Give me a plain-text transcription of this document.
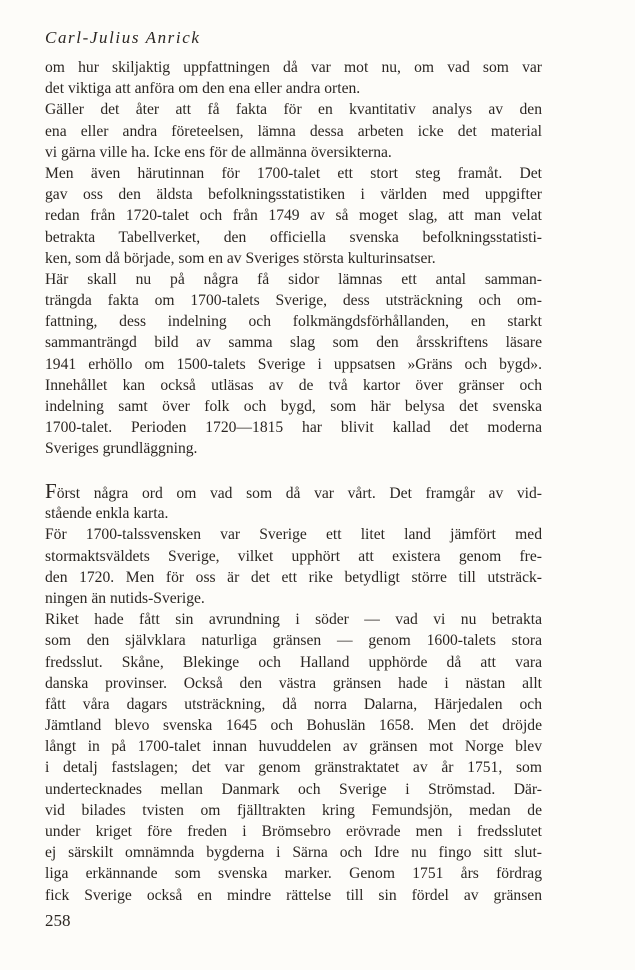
Carl-Julius Anrick
om hur skiljaktig uppfattningen då var mot nu, om vad som var
det viktiga att anföra om den ena eller andra orten.
Gäller det åter att få fakta för en kvantitativ analys av den
ena eller andra företeelsen, lämna dessa arbeten icke det material
vi gärna ville ha. Icke ens för de allmänna översikterna.
Men även härutinnan för 1700-talet ett stort steg framåt. Det
gav oss den äldsta befolkningsstatistiken i världen med uppgifter
redan från 1720-talet och från 1749 av så moget slag, att man velat
betrakta Tabellverket, den officiella svenska befolkningsstatisti-
ken, som då började, som en av Sveriges största kulturinsatser.
Här skall nu på några få sidor lämnas ett antal samman-
trängda fakta om 1700-talets Sverige, dess utsträckning och om-
fattning, dess indelning och folkmängdsförhållanden, en starkt
sammanträngd bild av samma slag som den årsskriftens läsare
1941 erhöllo om 1500-talets Sverige i uppsatsen »Gräns och bygd».
Innehållet kan också utläsas av de två kartor över gränser och
indelning samt över folk och bygd, som här belysa det svenska
1700-talet. Perioden 1720—1815 har blivit kallad det moderna
Sveriges grundläggning.
Först några ord om vad som då var vårt. Det framgår av vid-
stående enkla karta.
För 1700-talssvensken var Sverige ett litet land jämfört med
stormaktsväldets Sverige, vilket upphört att existera genom fre-
den 1720. Men för oss är det ett rike betydligt större till utsträck-
ningen än nutids-Sverige.
Riket hade fått sin avrundning i söder — vad vi nu betrakta
som den självklara naturliga gränsen — genom 1600-talets stora
fredsslut. Skåne, Blekinge och Halland upphörde då att vara
danska provinser. Också den västra gränsen hade i nästan allt
fått våra dagars utsträckning, då norra Dalarna, Härjedalen och
Jämtland blevo svenska 1645 och Bohuslän 1658. Men det dröjde
långt in på 1700-talet innan huvuddelen av gränsen mot Norge blev
i detalj fastslagen; det var genom gränstraktatet av år 1751, som
undertecknades mellan Danmark och Sverige i Strömstad. Där-
vid bilades tvisten om fjälltrakten kring Femundsjön, medan de
under kriget före freden i Brömsebro erövrade men i fredsslutet
ej särskilt omnämnda bygderna i Särna och Idre nu fingo sitt slut-
liga erkännande som svenska marker. Genom 1751 års fördrag
fick Sverige också en mindre rättelse till sin fördel av gränsen
258
